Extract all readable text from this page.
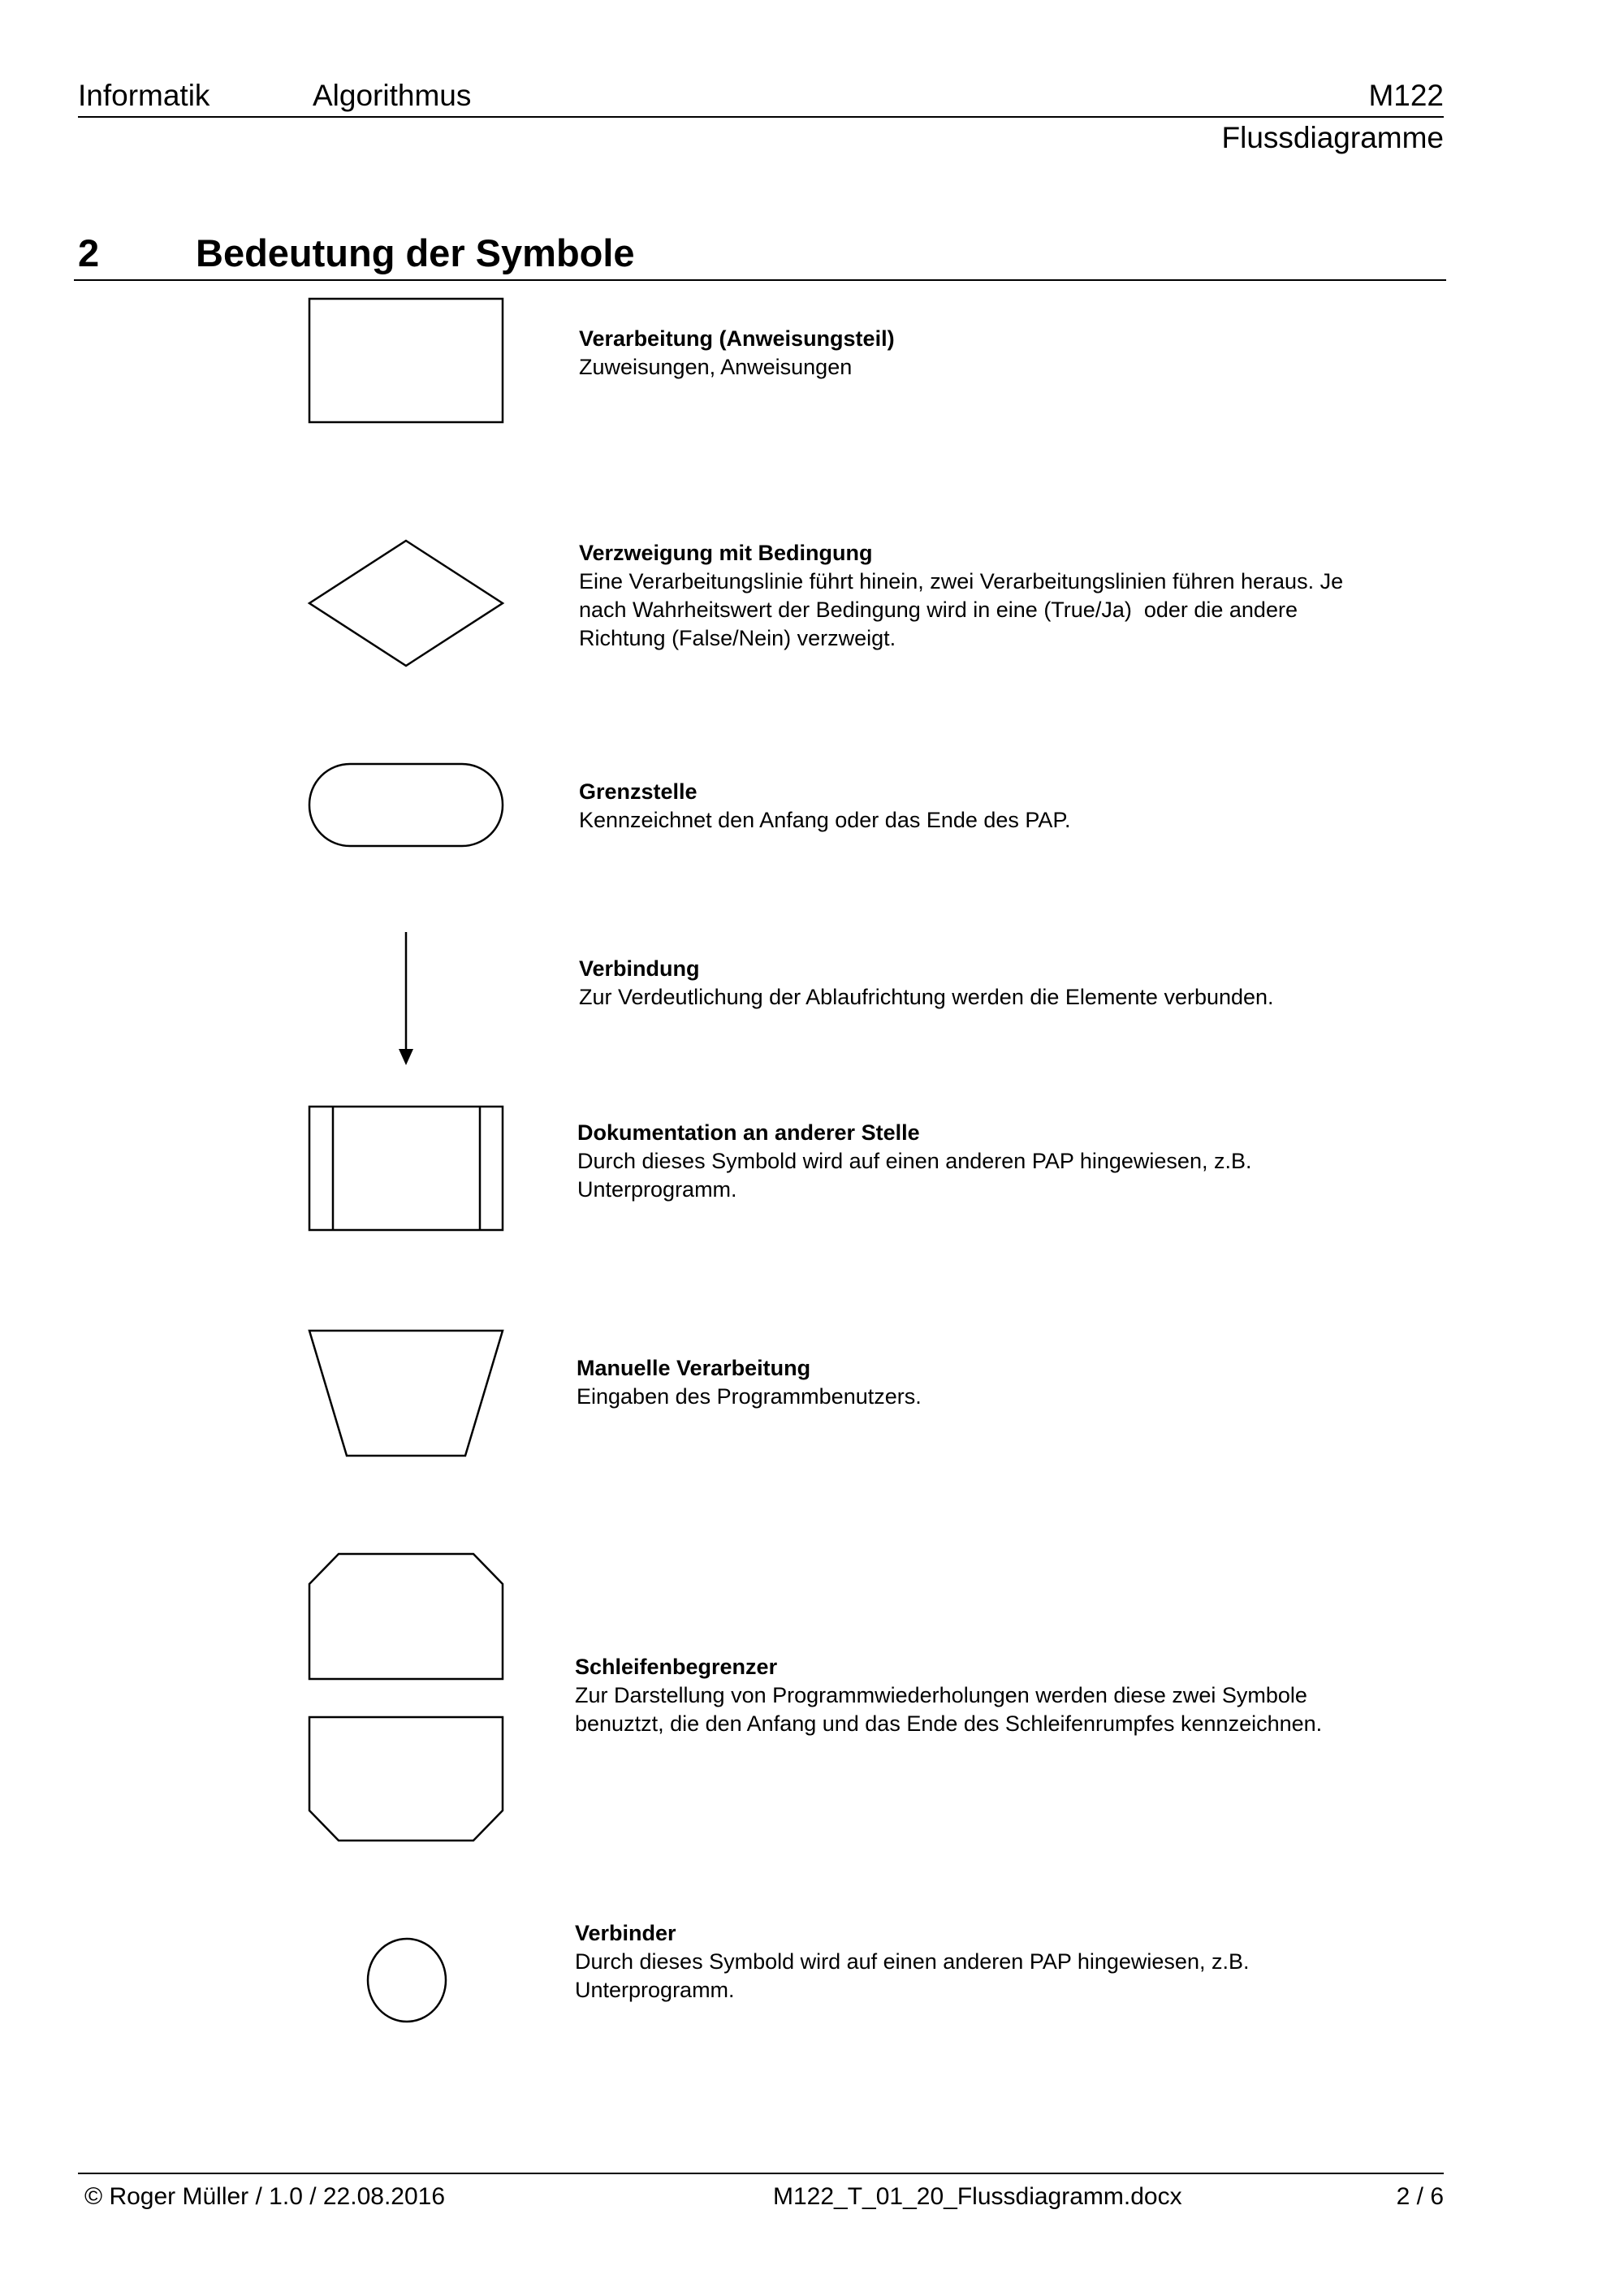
Informatik	Algorithmus	M122
Flussdiagramme
2	Bedeutung der Symbole
Verarbeitung (Anweisungsteil)
Zuweisungen, Anweisungen
Verzweigung mit Bedingung
Eine Verarbeitungslinie führt hinein, zwei Verarbeitungslinien führen heraus. Je
nach Wahrheitswert der Bedingung wird in eine (True/Ja)  oder die andere
Richtung (False/Nein) verzweigt.
Grenzstelle
Kennzeichnet den Anfang oder das Ende des PAP.
Verbindung
Zur Verdeutlichung der Ablaufrichtung werden die Elemente verbunden.
Dokumentation an anderer Stelle
Durch dieses Symbold wird auf einen anderen PAP hingewiesen, z.B.
Unterprogramm.
Manuelle Verarbeitung
Eingaben des Programmbenutzers.
Schleifenbegrenzer
Zur Darstellung von Programmwiederholungen werden diese zwei Symbole
benuztzt, die den Anfang und das Ende des Schleifenrumpfes kennzeichnen.
Verbinder
Durch dieses Symbold wird auf einen anderen PAP hingewiesen, z.B.
Unterprogramm.
© Roger Müller / 1.0 / 22.08.2016	M122_T_01_20_Flussdiagramm.docx	2 / 6
